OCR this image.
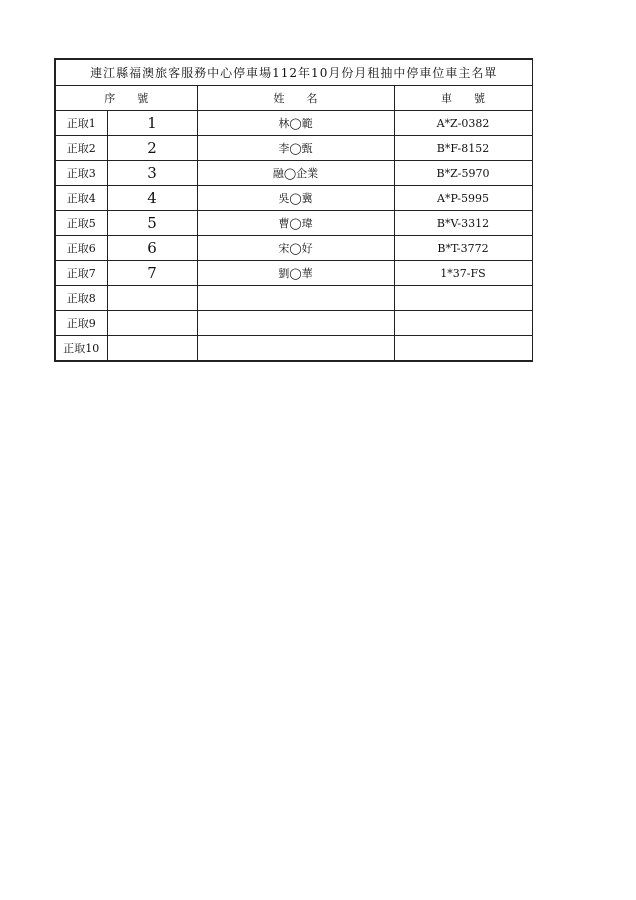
連江縣福澳旅客服務中心停車場112年10月份月租抽中停車位車主名單			
序　　號		姓　　名	車　　號
正取1	1	林◯範	A*Z-0382
正取2	2	李◯甄	B*F-8152
正取3	3	融◯企業	B*Z-5970
正取4	4	吳◯冀	A*P-5995
正取5	5	曹◯瑋	B*V-3312
正取6	6	宋◯好	B*T-3772
正取7	7	劉◯華	1*37-FS
正取8			
正取9			
正取10			
